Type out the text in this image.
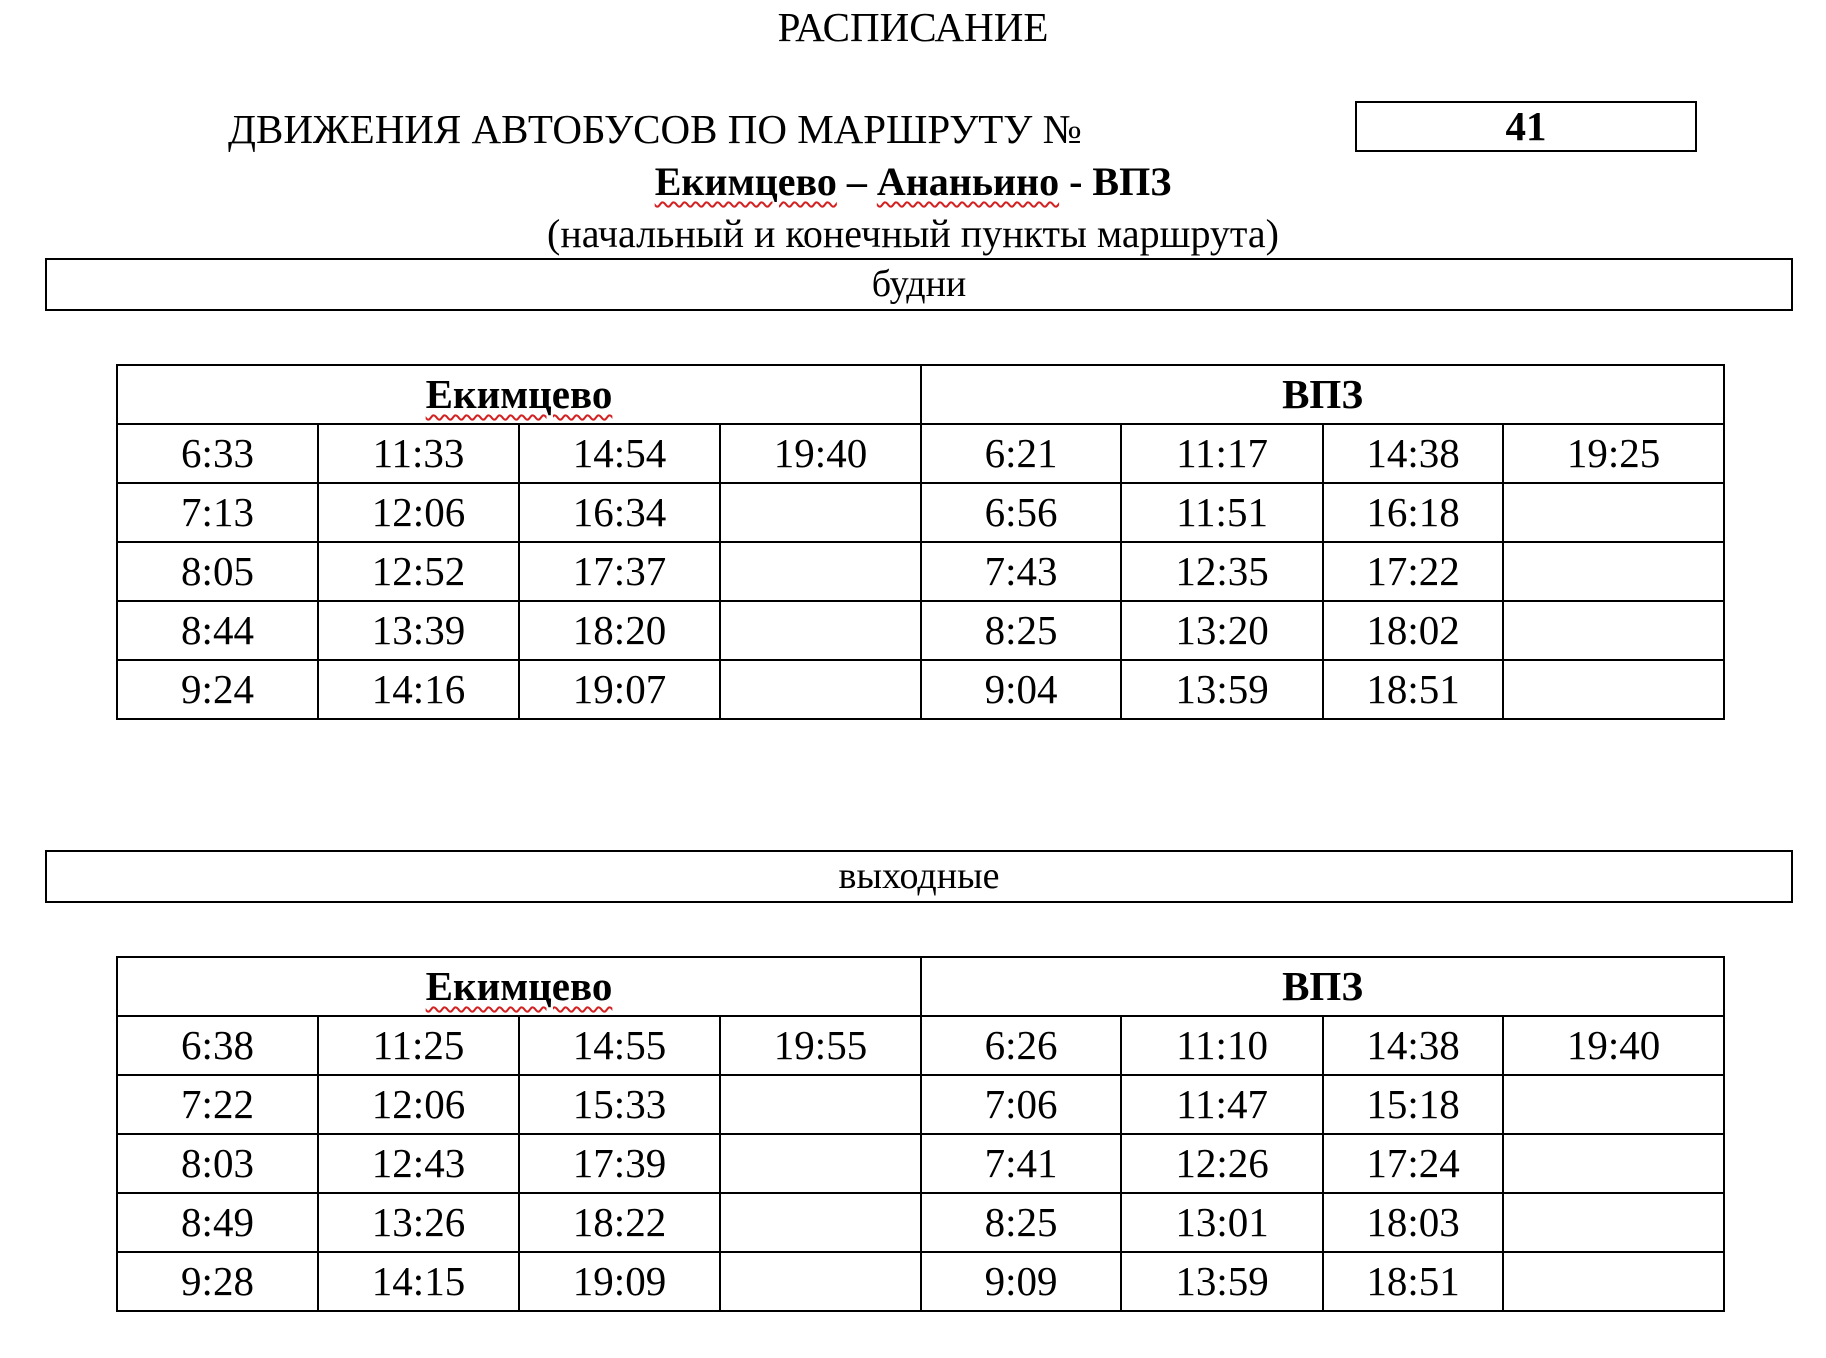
РАСПИСАНИЕ
ДВИЖЕНИЯ АВТОБУСОВ ПО МАРШРУТУ №	41
Екимцево – Ананьино - ВПЗ
(начальный и конечный пункты маршрута)
будни
Екимцево				ВПЗ			
6:33	11:33	14:54	19:40	6:21	11:17	14:38	19:25
7:13	12:06	16:34		6:56	11:51	16:18	
8:05	12:52	17:37		7:43	12:35	17:22	
8:44	13:39	18:20		8:25	13:20	18:02	
9:24	14:16	19:07		9:04	13:59	18:51	
выходные
Екимцево				ВПЗ			
6:38	11:25	14:55	19:55	6:26	11:10	14:38	19:40
7:22	12:06	15:33		7:06	11:47	15:18	
8:03	12:43	17:39		7:41	12:26	17:24	
8:49	13:26	18:22		8:25	13:01	18:03	
9:28	14:15	19:09		9:09	13:59	18:51	
